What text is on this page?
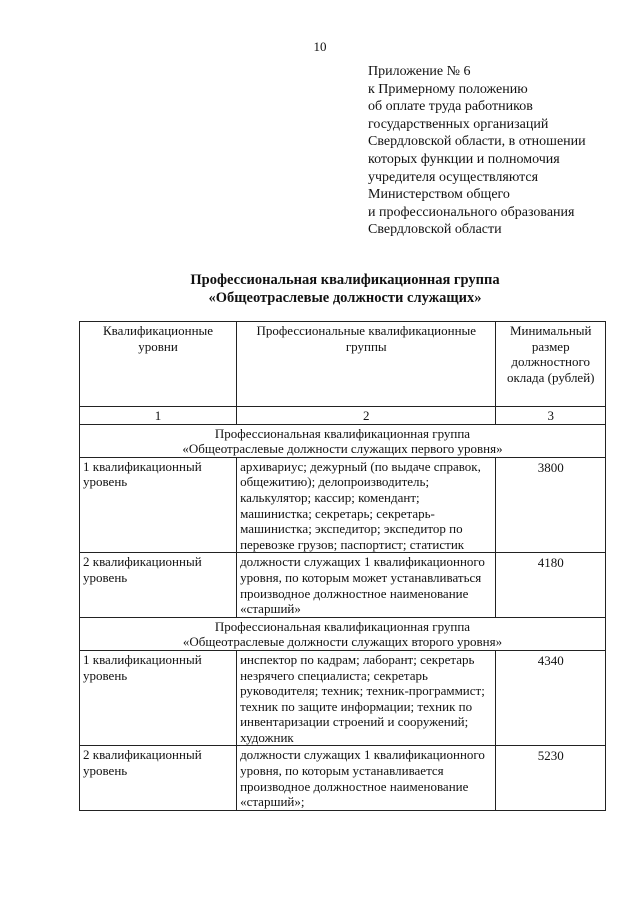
10
Приложение № 6
к Примерному положению
об оплате труда работников
государственных организаций
Свердловской области, в отношении
которых функции и полномочия
учредителя осуществляются
Министерством общего
и профессионального образования
Свердловской области
Профессиональная квалификационная группа
«Общеотраслевые должности служащих»
Квалификационные уровни	Профессиональные квалификационные группы	Минимальный размер должностного оклада (рублей)
1	2	3

Профессиональная квалификационная группа
«Общеотраслевые должности служащих первого уровня»		

1 квалификационный уровень	архивариус; дежурный (по выдаче справок, общежитию); делопроизводитель; калькулятор; кассир; комендант; машинистка; секретарь; секретарь-машинистка; экспедитор; экспедитор по перевозке грузов; паспортист; статистик	3800
2 квалификационный уровень	должности служащих 1 квалификационного уровня, по которым может устанавливаться производное должностное наименование «старший»	4180

Профессиональная квалификационная группа
«Общеотраслевые должности служащих второго уровня»		

1 квалификационный уровень	инспектор по кадрам; лаборант; секретарь незрячего специалиста; секретарь руководителя; техник; техник-программист; техник по защите информации; техник по инвентаризации строений и сооружений; художник	4340
2 квалификационный уровень	должности служащих 1 квалификационного уровня, по которым устанавливается производное должностное наименование «старший»;	5230
